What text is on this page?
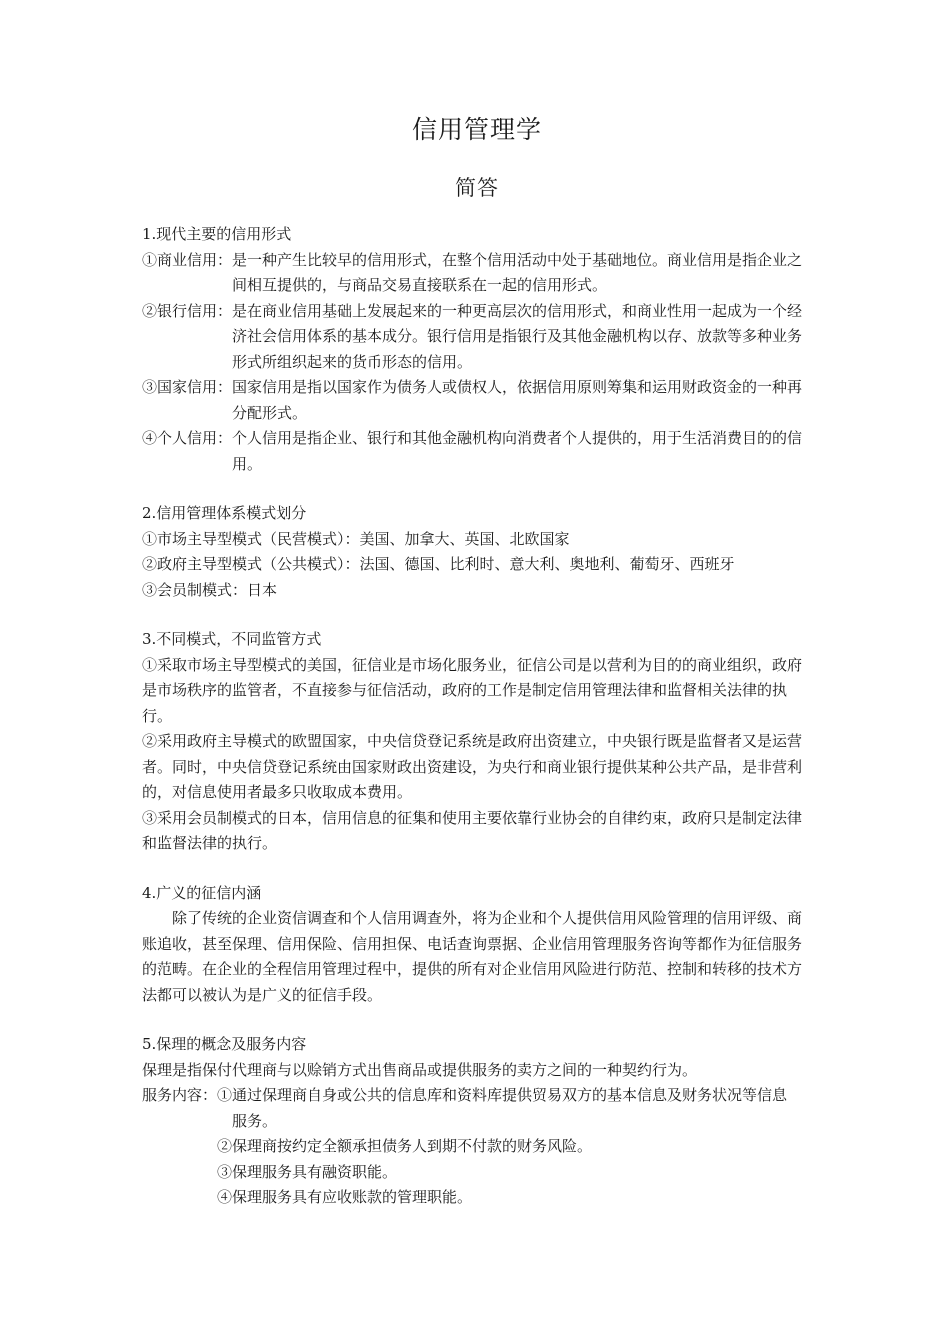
信用管理学
简答

1.现代主要的信用形式

①商业信用： 是一种产生比较早的信用形式，在整个信用活动中处于基础地位。商业信用是指企业之间相互提供的，与商品交易直接联系在一起的信用形式。
②银行信用： 是在商业信用基础上发展起来的一种更高层次的信用形式，和商业性用一起成为一个经济社会信用体系的基本成分。银行信用是指银行及其他金融机构以存、放款等多种业务形式所组织起来的货币形态的信用。
③国家信用： 国家信用是指以国家作为债务人或债权人，依据信用原则筹集和运用财政资金的一种再分配形式。
④个人信用： 个人信用是指企业、银行和其他金融机构向消费者个人提供的，用于生活消费目的的信用。

2.信用管理体系模式划分

①市场主导型模式（民营模式）：美国、加拿大、英国、北欧国家

②政府主导型模式（公共模式）：法国、德国、比利时、意大利、奥地利、葡萄牙、西班牙

③会员制模式：日本

3.不同模式，不同监管方式

①采取市场主导型模式的美国，征信业是市场化服务业，征信公司是以营利为目的的商业组织，政府是市场秩序的监管者，不直接参与征信活动，政府的工作是制定信用管理法律和监督相关法律的执行。

②采用政府主导模式的欧盟国家，中央信贷登记系统是政府出资建立，中央银行既是监督者又是运营者。同时，中央信贷登记系统由国家财政出资建设，为央行和商业银行提供某种公共产品，是非营利的，对信息使用者最多只收取成本费用。

③采用会员制模式的日本，信用信息的征集和使用主要依靠行业协会的自律约束，政府只是制定法律和监督法律的执行。

4.广义的征信内涵

除了传统的企业资信调查和个人信用调查外，将为企业和个人提供信用风险管理的信用评级、商账追收，甚至保理、信用保险、信用担保、电话查询票据、企业信用管理服务咨询等都作为征信服务的范畴。在企业的全程信用管理过程中，提供的所有对企业信用风险进行防范、控制和转移的技术方法都可以被认为是广义的征信手段。

5.保理的概念及服务内容

保理是指保付代理商与以赊销方式出售商品或提供服务的卖方之间的一种契约行为。

服务内容： ①通过保理商自身或公共的信息库和资料库提供贸易双方的基本信息及财务状况等信息服务。

②保理商按约定全额承担债务人到期不付款的财务风险。

③保理服务具有融资职能。

④保理服务具有应收账款的管理职能。
